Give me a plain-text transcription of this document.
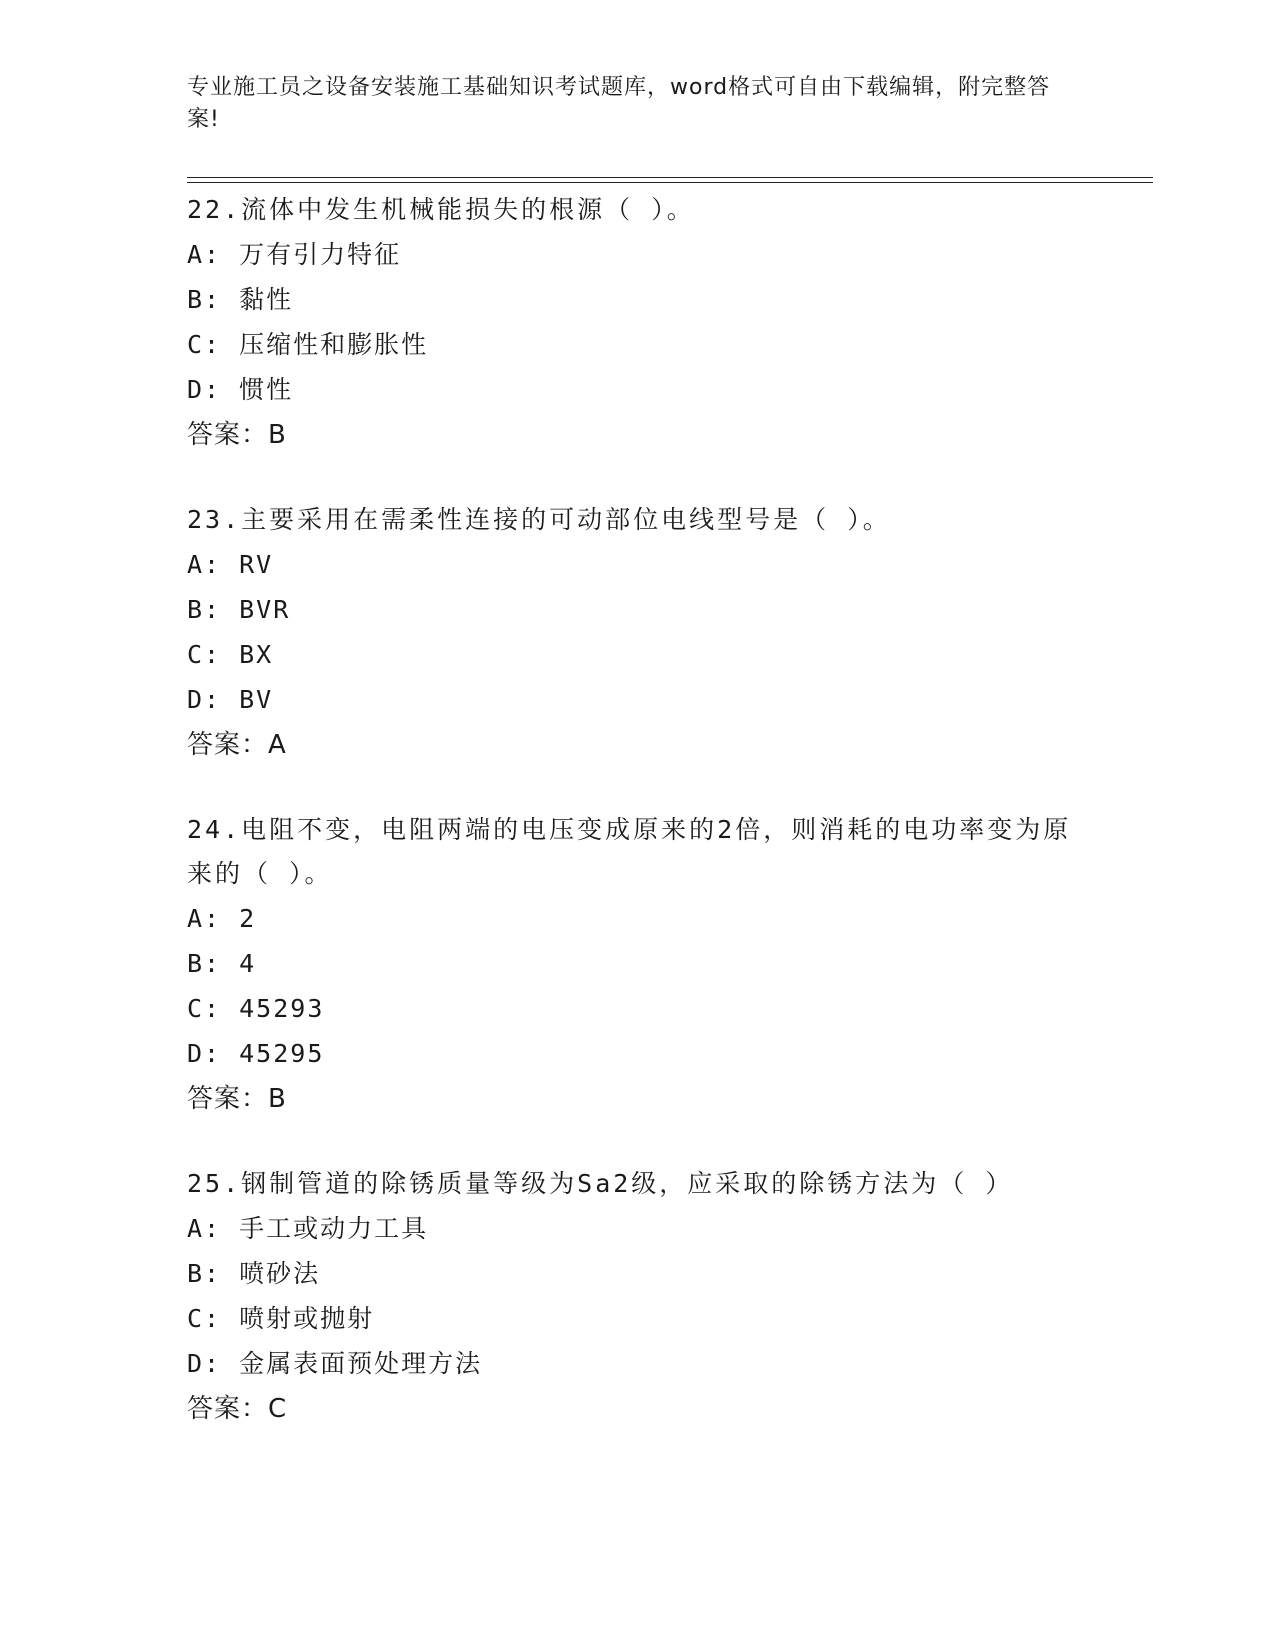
专业施工员之设备安装施工基础知识考试题库，word格式可自由下载编辑，附完整答案!

22.流体中发生机械能损失的根源（ ）。

A: 万有引力特征

B: 黏性

C: 压缩性和膨胀性

D: 惯性

答案：B

23.主要采用在需柔性连接的可动部位电线型号是（ ）。

A: RV

B: BVR

C: BX

D: BV

答案：A

24.电阻不变，电阻两端的电压变成原来的2倍，则消耗的电功率变为原来的（ ）。

A: 2

B: 4

C: 45293

D: 45295

答案：B

25.钢制管道的除锈质量等级为Sa2级，应采取的除锈方法为（ ）

A: 手工或动力工具

B: 喷砂法

C: 喷射或抛射

D: 金属表面预处理方法

答案：C
